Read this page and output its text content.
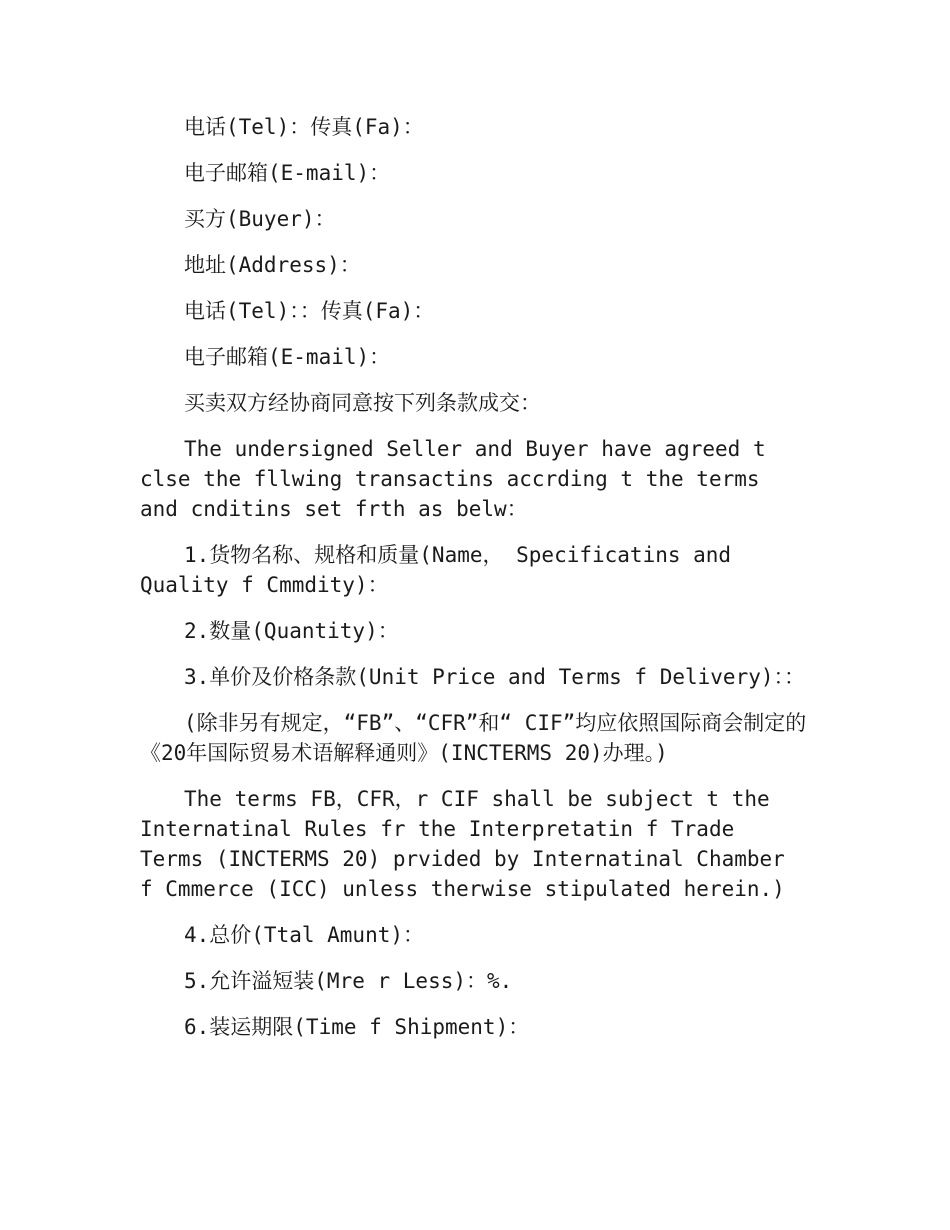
电话(Tel)：传真(Fa)：

电子邮箱(E-mail)：

买方(Buyer)：

地址(Address)：

电话(Tel)：：传真(Fa)：

电子邮箱(E-mail)：

买卖双方经协商同意按下列条款成交：

The undersigned Seller and Buyer have agreed t clse the fllwing transactins accrding t the terms and cnditins set frth as belw：

1.货物名称、规格和质量(Name， Specificatins and Quality f Cmmdity)：

2.数量(Quantity)：

3.单价及价格条款(Unit Price and Terms f Delivery)：：

(除非另有规定，“FB”、“CFR”和“ CIF”均应依照国际商会制定的《20年国际贸易术语解释通则》(INCTERMS 20)办理。)

The terms FB，CFR，r CIF shall be subject t the Internatinal Rules fr the Interpretatin f Trade Terms (INCTERMS 20) prvided by Internatinal Chamber f Cmmerce (ICC) unless therwise stipulated herein.)

4.总价(Ttal Amunt)：

5.允许溢短装(Mre r Less)：%.

6.装运期限(Time f Shipment)：
